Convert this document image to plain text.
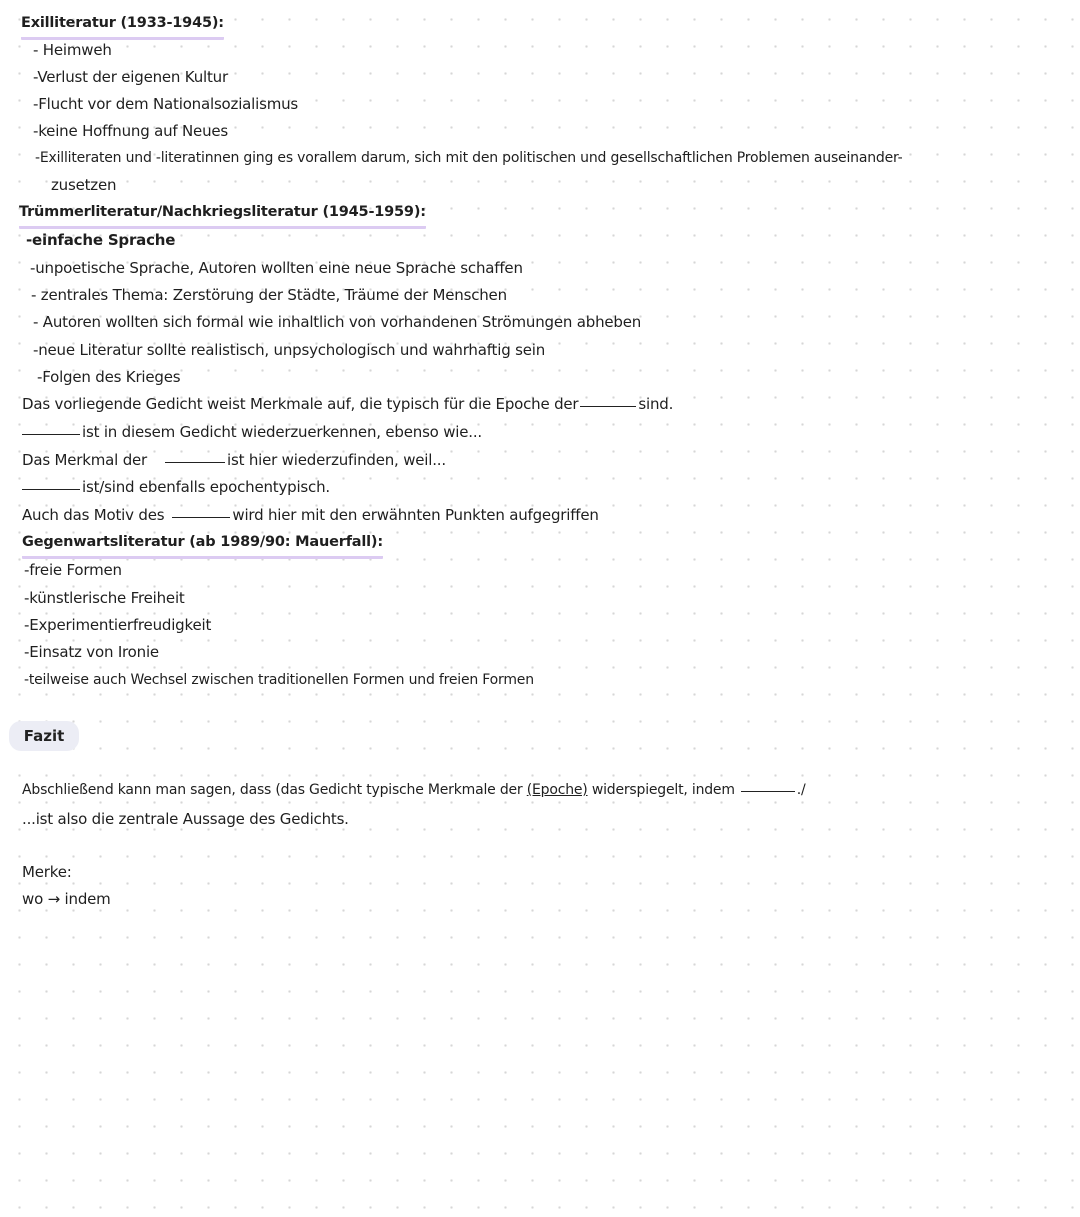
Exilliteratur (1933-1945):
- Heimweh
-Verlust der eigenen Kultur
-Flucht vor dem Nationalsozialismus
-keine Hoffnung auf Neues
-Exilliteraten und -literatinnen ging es vorallem darum, sich mit den politischen und gesellschaftlichen Problemen auseinander-
zusetzen
Trümmerliteratur/Nachkriegsliteratur (1945-1959):
-einfache Sprache
-unpoetische Sprache, Autoren wollten eine neue Sprache schaffen
- zentrales Thema: Zerstörung der Städte, Träume der Menschen
- Autoren wollten sich formal wie inhaltlich von vorhandenen Strömungen abheben
-neue Literatur sollte realistisch, unpsychologisch und wahrhaftig sein
-Folgen des Krieges
Das vorliegende Gedicht weist Merkmale auf, die typisch für die Epoche der	sind.
ist in diesem Gedicht wiederzuerkennen, ebenso wie...
Das Merkmal der	ist hier wiederzufinden, weil...
ist/sind ebenfalls epochentypisch.
Auch das Motiv des	wird hier mit den erwähnten Punkten aufgegriffen
Gegenwartsliteratur (ab 1989/90: Mauerfall):
-freie Formen
-künstlerische Freiheit
-Experimentierfreudigkeit
-Einsatz von Ironie
-teilweise auch Wechsel zwischen traditionellen Formen und freien Formen
Fazit
Abschließend kann man sagen, dass (das Gedicht typische Merkmale der (Epoche) widerspiegelt, indem	./
...ist also die zentrale Aussage des Gedichts.
Merke:
wo → indem
